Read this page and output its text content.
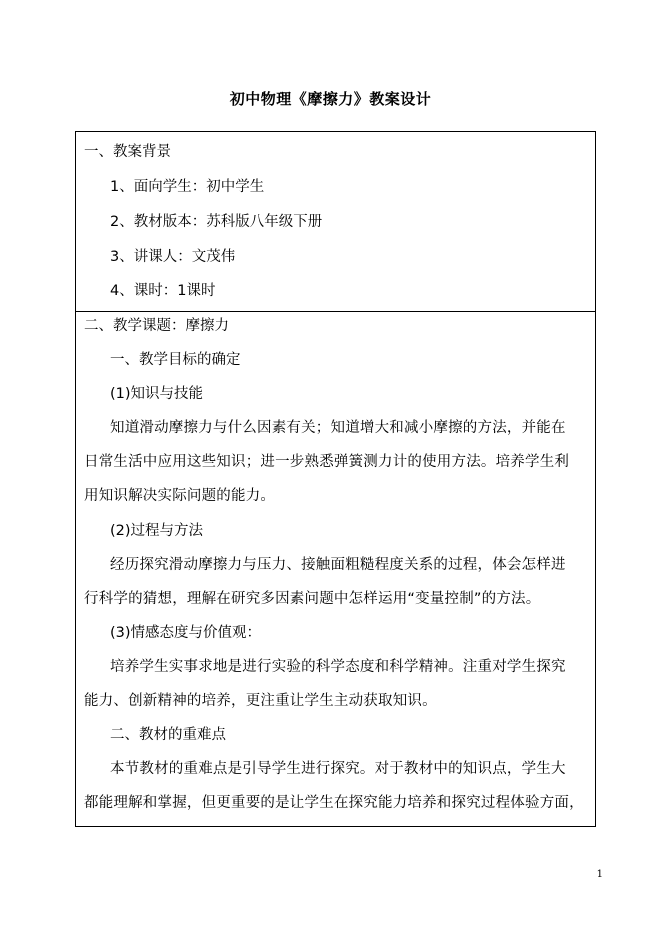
初中物理《摩擦力》教案设计
一、教案背景
1、面向学生：初中学生
2、教材版本：苏科版八年级下册
3、讲课人：文茂伟
4、课时：1课时
二、教学课题：摩擦力
一、教学目标的确定
(1)知识与技能
知道滑动摩擦力与什么因素有关；知道增大和减小摩擦的方法，并能在
日常生活中应用这些知识；进一步熟悉弹簧测力计的使用方法。培养学生利
用知识解决实际问题的能力。
(2)过程与方法
经历探究滑动摩擦力与压力、接触面粗糙程度关系的过程，体会怎样进
行科学的猜想，理解在研究多因素问题中怎样运用“变量控制”的方法。
(3)情感态度与价值观：
培养学生实事求地是进行实验的科学态度和科学精神。注重对学生探究
能力、创新精神的培养，更注重让学生主动获取知识。
二、教材的重难点
本节教材的重难点是引导学生进行探究。对于教材中的知识点，学生大
都能理解和掌握，但更重要的是让学生在探究能力培养和探究过程体验方面，
1
